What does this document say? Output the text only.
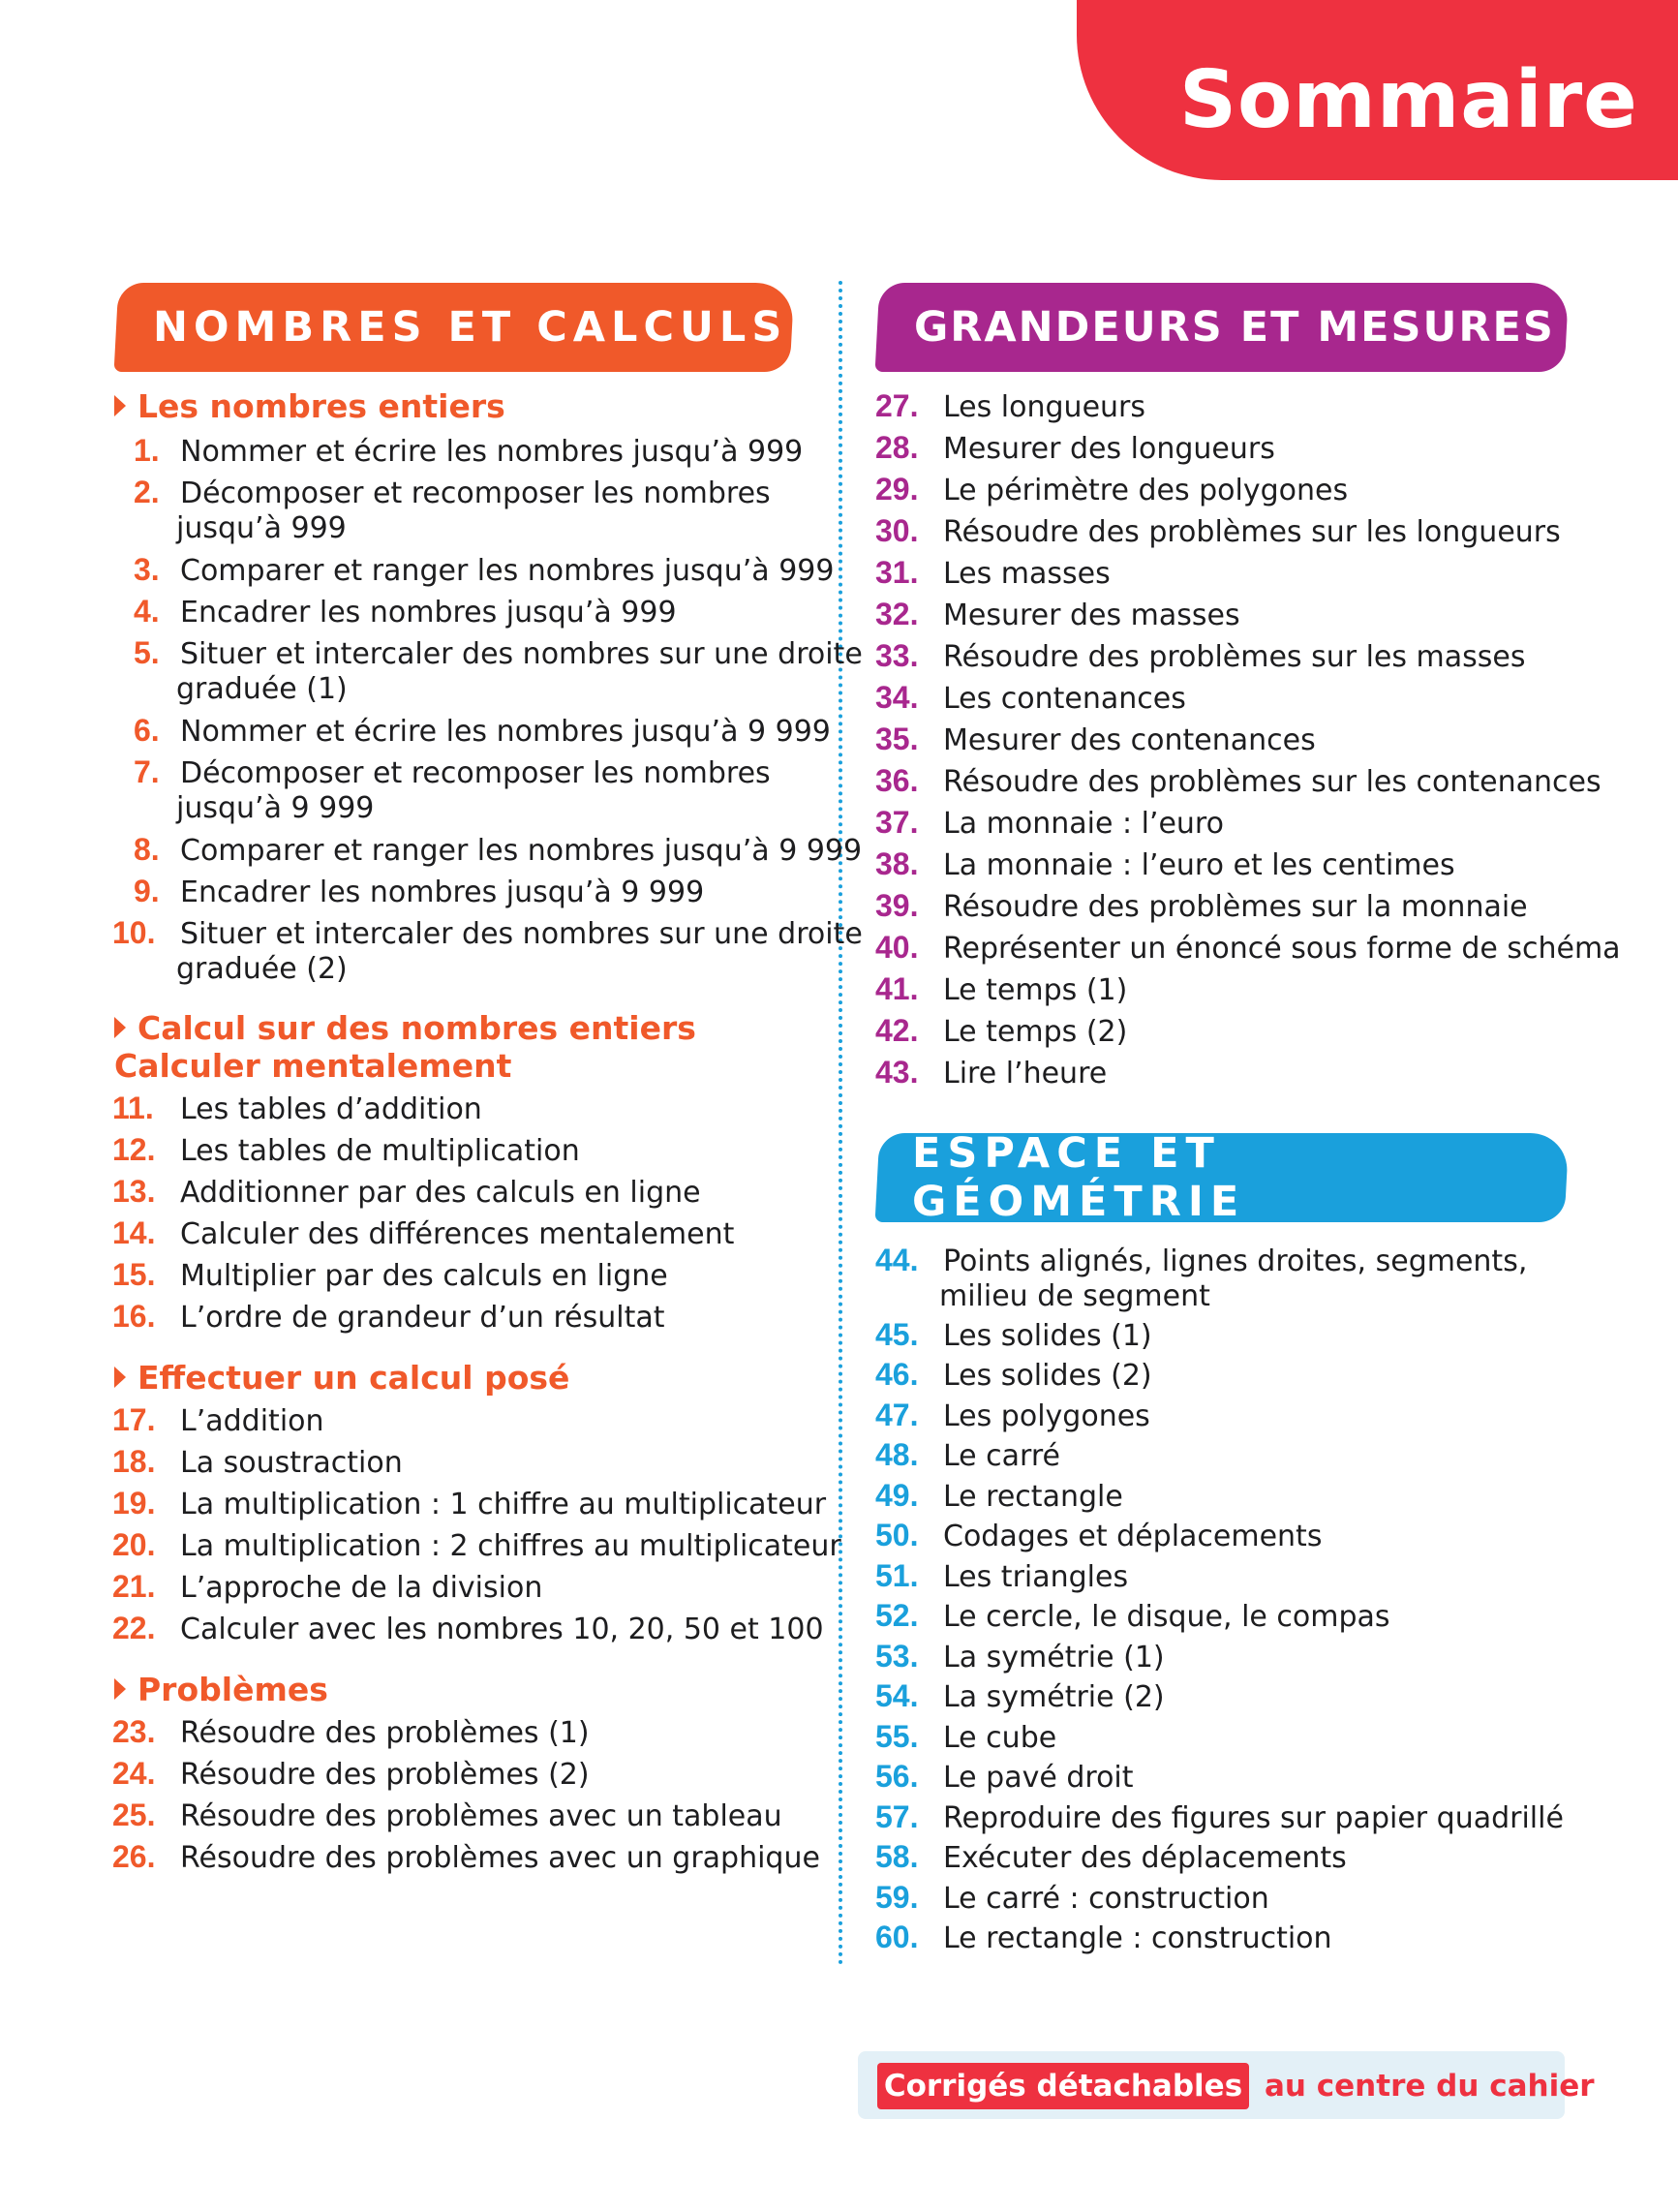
Sommaire
NOMBRES ET CALCULS	GRANDEURS ET MESURES
ESPACE ET GÉOMÉTRIE
Les nombres entiers
Calcul sur des nombres entiers
Calculer mentalement
Effectuer un calcul posé
Problèmes
1. Nommer et écrire les nombres jusqu’à 999
2. Décomposer et recomposer les nombres
jusqu’à 999
3. Comparer et ranger les nombres jusqu’à 999
4. Encadrer les nombres jusqu’à 999
5. Situer et intercaler des nombres sur une droite
graduée (1)
6. Nommer et écrire les nombres jusqu’à 9 999
7. Décomposer et recomposer les nombres
jusqu’à 9 999
8. Comparer et ranger les nombres jusqu’à 9 999
9. Encadrer les nombres jusqu’à 9 999
10. Situer et intercaler des nombres sur une droite
graduée (2)
11. Les tables d’addition
12. Les tables de multiplication
13. Additionner par des calculs en ligne
14. Calculer des différences mentalement
15. Multiplier par des calculs en ligne
16. L’ordre de grandeur d’un résultat
17. L’addition
18. La soustraction
19. La multiplication : 1 chiffre au multiplicateur
20. La multiplication : 2 chiffres au multiplicateur
21. L’approche de la division
22. Calculer avec les nombres 10, 20, 50 et 100
23. Résoudre des problèmes (1)
24. Résoudre des problèmes (2)
25. Résoudre des problèmes avec un tableau
26. Résoudre des problèmes avec un graphique
27. Les longueurs
28. Mesurer des longueurs
29. Le périmètre des polygones
30. Résoudre des problèmes sur les longueurs
31. Les masses
32. Mesurer des masses
33. Résoudre des problèmes sur les masses
34. Les contenances
35. Mesurer des contenances
36. Résoudre des problèmes sur les contenances
37. La monnaie : l’euro
38. La monnaie : l’euro et les centimes
39. Résoudre des problèmes sur la monnaie
40. Représenter un énoncé sous forme de schéma
41. Le temps (1)
42. Le temps (2)
43. Lire l’heure
44. Points alignés, lignes droites, segments,
milieu de segment
45. Les solides (1)
46. Les solides (2)
47. Les polygones
48. Le carré
49. Le rectangle
50. Codages et déplacements
51. Les triangles
52. Le cercle, le disque, le compas
53. La symétrie (1)
54. La symétrie (2)
55. Le cube
56. Le pavé droit
57. Reproduire des figures sur papier quadrillé
58. Exécuter des déplacements
59. Le carré : construction
60. Le rectangle : construction
Corrigés détachables au centre du cahier
